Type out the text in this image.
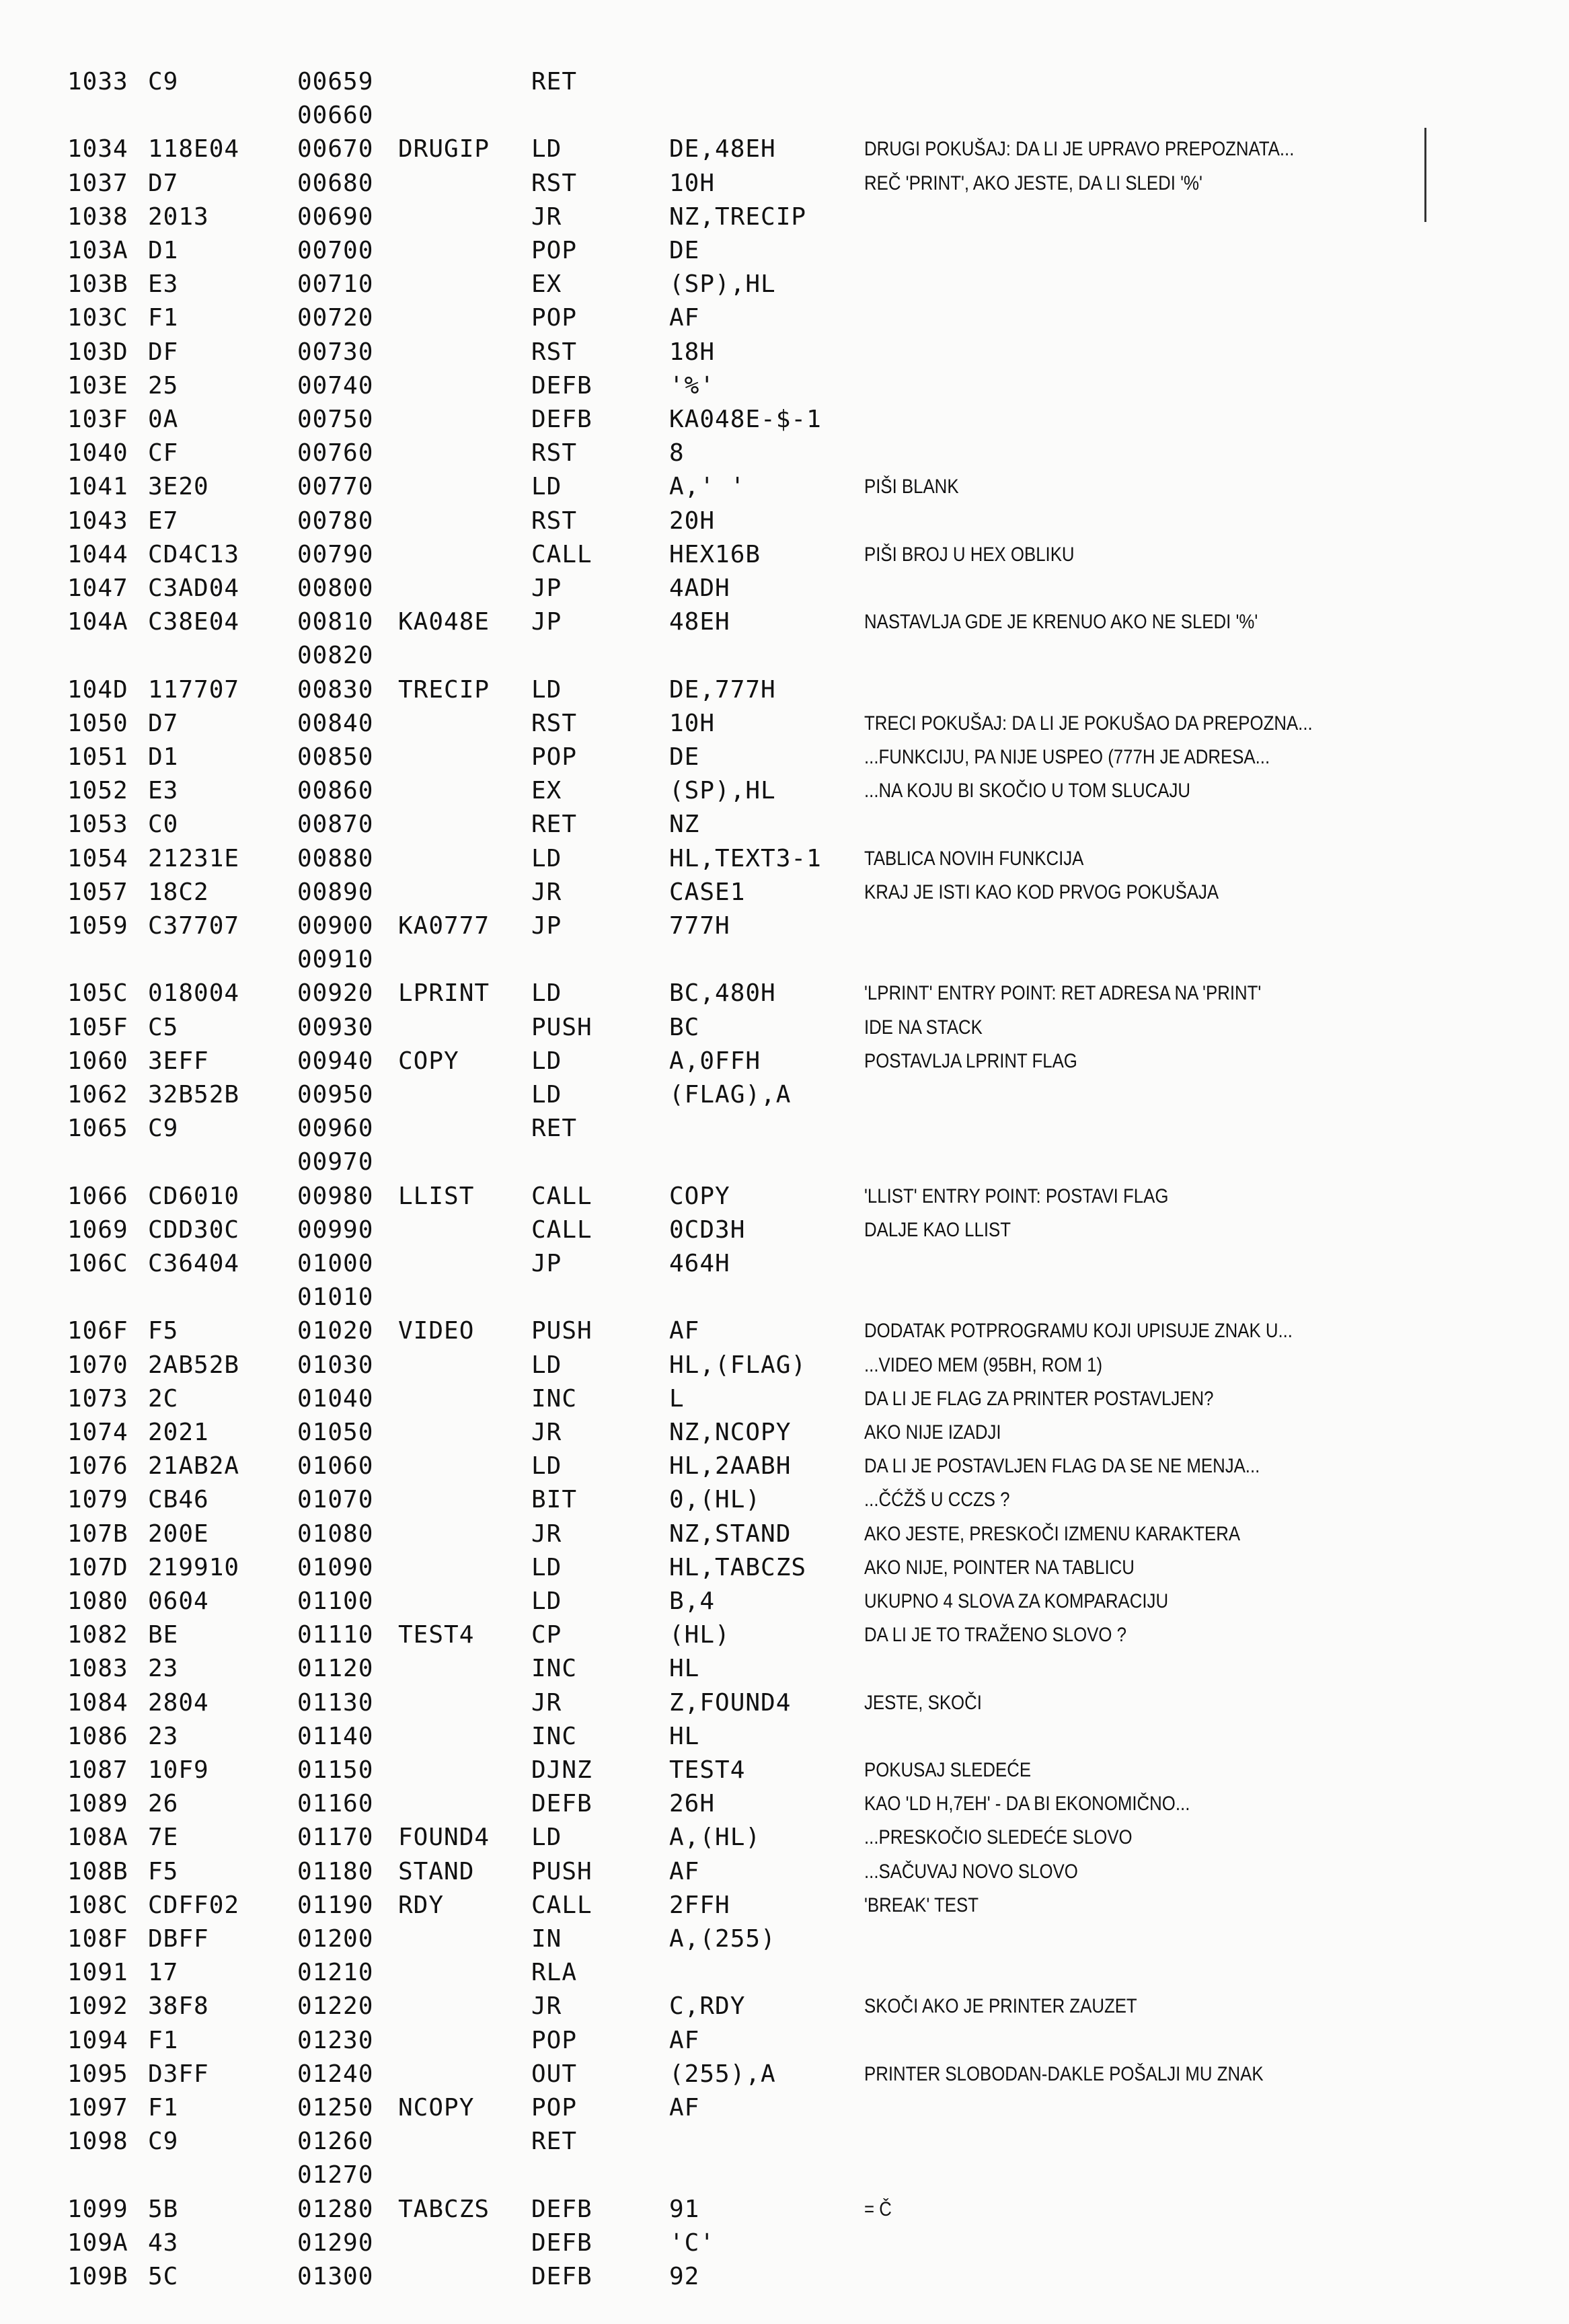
1033 C9	00659	RET
00660
1034 118E04 00670 DRUGIP LD	DE,48EH	DRUGI POKUŠAJ: DA LI JE UPRAVO PREPOZNATA...
1037 D7	00680	RST	10H	REČ 'PRINT', AKO JESTE, DA LI SLEDI '%'
1038 2013	00690	JR	NZ,TRECIP
103A D1	00700	POP	DE
103B E3	00710	EX	(SP),HL
103C F1	00720	POP	AF
103D DF	00730	RST	18H
103E 25	00740	DEFB	'%'
103F 0A	00750	DEFB	KA048E-$-1
1040 CF	00760	RST	8
1041 3E20	00770	LD	A,' '	PIŠI BLANK
1043 E7	00780	RST	20H
1044 CD4C13 00790	CALL	HEX16B	PIŠI BROJ U HEX OBLIKU
1047 C3AD04 00800	JP	4ADH
104A C38E04 00810 KA048E JP	48EH	NASTAVLJA GDE JE KRENUO AKO NE SLEDI '%'
00820
104D 117707 00830 TRECIP LD	DE,777H
1050 D7	00840	RST	10H	TRECI POKUŠAJ: DA LI JE POKUŠAO DA PREPOZNA...
1051 D1	00850	POP	DE	...FUNKCIJU, PA NIJE USPEO (777H JE ADRESA...
1052 E3	00860	EX	(SP),HL	...NA KOJU BI SKOČIO U TOM SLUCAJU
1053 C0	00870	RET	NZ
1054 21231E 00880	LD	HL,TEXT3-1 TABLICA NOVIH FUNKCIJA
1057 18C2	00890	JR	CASE1	KRAJ JE ISTI KAO KOD PRVOG POKUŠAJA
1059 C37707 00900 KA0777 JP	777H
00910
105C 018004 00920 LPRINT LD	BC,480H	'LPRINT' ENTRY POINT: RET ADRESA NA 'PRINT'
105F C5	00930	PUSH	BC	IDE NA STACK
1060 3EFF	00940 COPY	LD	A,0FFH	POSTAVLJA LPRINT FLAG
1062 32B52B 00950	LD	(FLAG),A
1065 C9	00960	RET
00970
1066 CD6010 00980 LLIST CALL	COPY	'LLIST' ENTRY POINT: POSTAVI FLAG
1069 CDD30C 00990	CALL	0CD3H	DALJE KAO LLIST
106C C36404 01000	JP	464H
01010
106F F5	01020 VIDEO PUSH	AF	DODATAK POTPROGRAMU KOJI UPISUJE ZNAK U...
1070 2AB52B 01030	LD	HL,(FLAG)	...VIDEO MEM (95BH, ROM 1)
1073 2C	01040	INC	L	DA LI JE FLAG ZA PRINTER POSTAVLJEN?
1074 2021	01050	JR	NZ,NCOPY	AKO NIJE IZADJI
1076 21AB2A 01060	LD	HL,2AABH	DA LI JE POSTAVLJEN FLAG DA SE NE MENJA...
1079 CB46	01070	BIT	0,(HL)	...ČĆŽŠ U CCZS ?
107B 200E	01080	JR	NZ,STAND	AKO JESTE, PRESKOČI IZMENU KARAKTERA
107D 219910 01090	LD	HL,TABCZS	AKO NIJE, POINTER NA TABLICU
1080 0604	01100	LD	B,4	UKUPNO 4 SLOVA ZA KOMPARACIJU
1082 BE	01110 TEST4 CP	(HL)	DA LI JE TO TRAŽENO SLOVO ?
1083 23	01120	INC	HL
1084 2804	01130	JR	Z,FOUND4	JESTE, SKOČI
1086 23	01140	INC	HL
1087 10F9	01150	DJNZ	TEST4	POKUSAJ SLEDEĆE
1089 26	01160	DEFB	26H	KAO 'LD H,7EH' - DA BI EKONOMIČNO...
108A 7E	01170 FOUND4 LD	A,(HL)	...PRESKOČIO SLEDEĆE SLOVO
108B F5	01180 STAND PUSH	AF	...SAČUVAJ NOVO SLOVO
108C CDFF02 01190 RDY	CALL	2FFH	'BREAK' TEST
108F DBFF	01200	IN	A,(255)
1091 17	01210	RLA
1092 38F8	01220	JR	C,RDY	SKOČI AKO JE PRINTER ZAUZET
1094 F1	01230	POP	AF
1095 D3FF	01240	OUT	(255),A	PRINTER SLOBODAN-DAKLE POŠALJI MU ZNAK
1097 F1	01250 NCOPY POP	AF
1098 C9	01260	RET
01270
1099 5B	01280 TABCZS DEFB	91	= Č
109A 43	01290	DEFB	'C'
109B 5C	01300	DEFB	92
